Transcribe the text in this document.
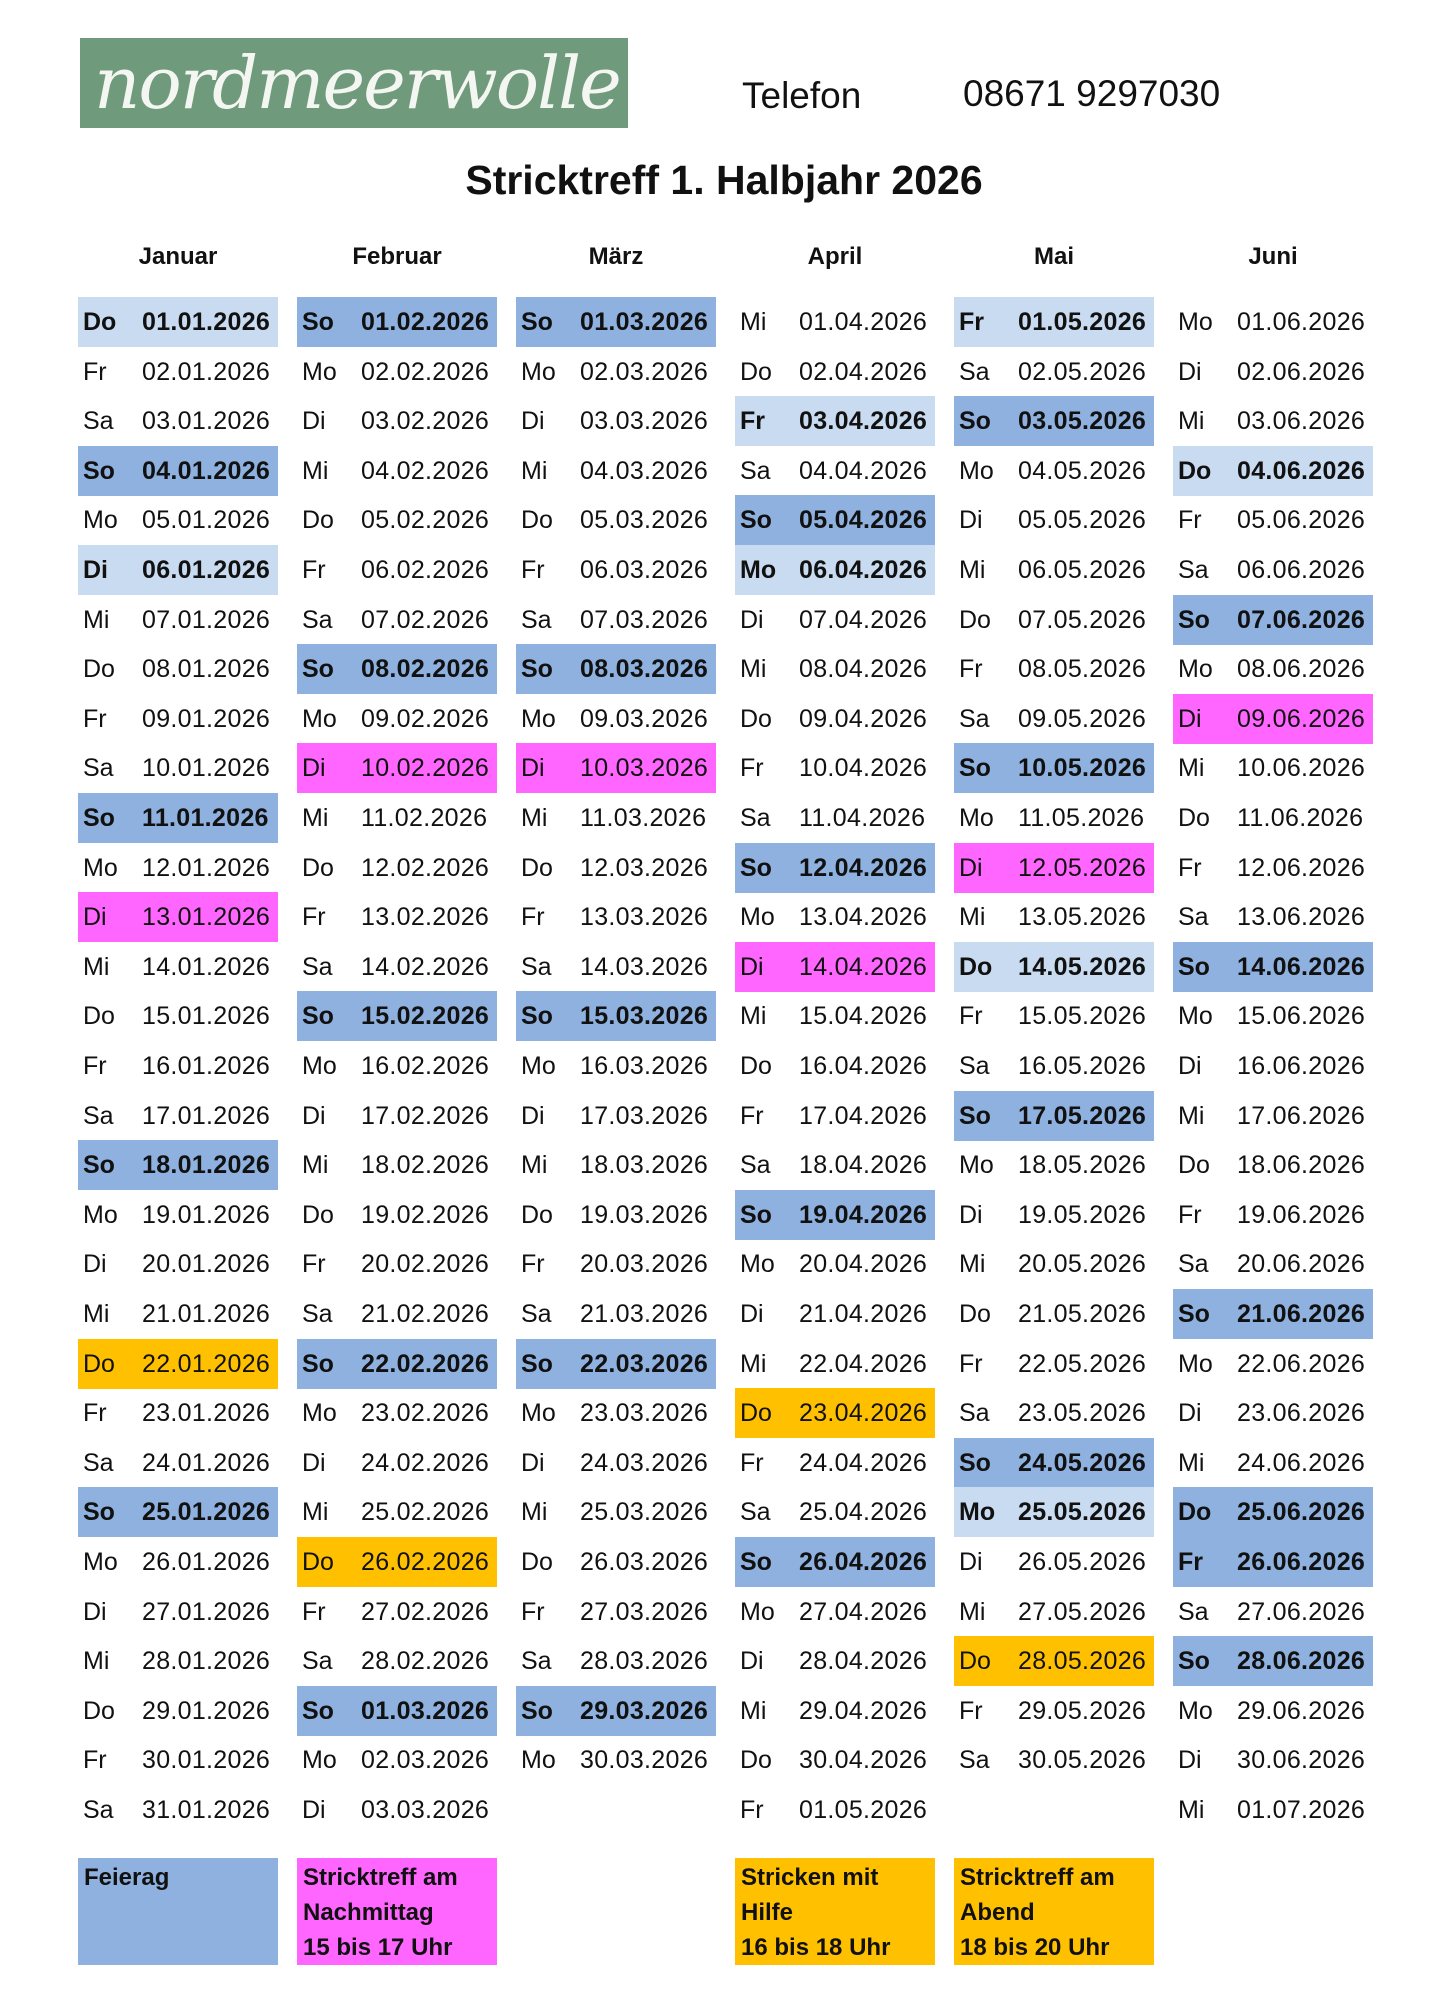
nordmeerwolle	Telefon	08671 9297030
Stricktreff 1. Halbjahr 2026
Januar
Do 01.01.2026
Fr 02.01.2026
Sa 03.01.2026
So 04.01.2026
Mo 05.01.2026
Di 06.01.2026
Mi 07.01.2026
Do 08.01.2026
Fr 09.01.2026
Sa 10.01.2026
So 11.01.2026
Mo 12.01.2026
Di 13.01.2026
Mi 14.01.2026
Do 15.01.2026
Fr 16.01.2026
Sa 17.01.2026
So 18.01.2026
Mo 19.01.2026
Di 20.01.2026
Mi 21.01.2026
Do 22.01.2026
Fr 23.01.2026
Sa 24.01.2026
So 25.01.2026
Mo 26.01.2026
Di 27.01.2026
Mi 28.01.2026
Do 29.01.2026
Fr 30.01.2026
Sa 31.01.2026
Februar
So 01.02.2026
Mo 02.02.2026
Di 03.02.2026
Mi 04.02.2026
Do 05.02.2026
Fr 06.02.2026
Sa 07.02.2026
So 08.02.2026
Mo 09.02.2026
Di 10.02.2026
Mi 11.02.2026
Do 12.02.2026
Fr 13.02.2026
Sa 14.02.2026
So 15.02.2026
Mo 16.02.2026
Di 17.02.2026
Mi 18.02.2026
Do 19.02.2026
Fr 20.02.2026
Sa 21.02.2026
So 22.02.2026
Mo 23.02.2026
Di 24.02.2026
Mi 25.02.2026
Do 26.02.2026
Fr 27.02.2026
Sa 28.02.2026
So 01.03.2026
Mo 02.03.2026
Di 03.03.2026
März
So 01.03.2026
Mo 02.03.2026
Di 03.03.2026
Mi 04.03.2026
Do 05.03.2026
Fr 06.03.2026
Sa 07.03.2026
So 08.03.2026
Mo 09.03.2026
Di 10.03.2026
Mi 11.03.2026
Do 12.03.2026
Fr 13.03.2026
Sa 14.03.2026
So 15.03.2026
Mo 16.03.2026
Di 17.03.2026
Mi 18.03.2026
Do 19.03.2026
Fr 20.03.2026
Sa 21.03.2026
So 22.03.2026
Mo 23.03.2026
Di 24.03.2026
Mi 25.03.2026
Do 26.03.2026
Fr 27.03.2026
Sa 28.03.2026
So 29.03.2026
Mo 30.03.2026
April
Mi 01.04.2026
Do 02.04.2026
Fr 03.04.2026
Sa 04.04.2026
So 05.04.2026
Mo 06.04.2026
Di 07.04.2026
Mi 08.04.2026
Do 09.04.2026
Fr 10.04.2026
Sa 11.04.2026
So 12.04.2026
Mo 13.04.2026
Di 14.04.2026
Mi 15.04.2026
Do 16.04.2026
Fr 17.04.2026
Sa 18.04.2026
So 19.04.2026
Mo 20.04.2026
Di 21.04.2026
Mi 22.04.2026
Do 23.04.2026
Fr 24.04.2026
Sa 25.04.2026
So 26.04.2026
Mo 27.04.2026
Di 28.04.2026
Mi 29.04.2026
Do 30.04.2026
Fr 01.05.2026
Mai
Fr 01.05.2026
Sa 02.05.2026
So 03.05.2026
Mo 04.05.2026
Di 05.05.2026
Mi 06.05.2026
Do 07.05.2026
Fr 08.05.2026
Sa 09.05.2026
So 10.05.2026
Mo 11.05.2026
Di 12.05.2026
Mi 13.05.2026
Do 14.05.2026
Fr 15.05.2026
Sa 16.05.2026
So 17.05.2026
Mo 18.05.2026
Di 19.05.2026
Mi 20.05.2026
Do 21.05.2026
Fr 22.05.2026
Sa 23.05.2026
So 24.05.2026
Mo 25.05.2026
Di 26.05.2026
Mi 27.05.2026
Do 28.05.2026
Fr 29.05.2026
Sa 30.05.2026
Juni
Mo 01.06.2026
Di 02.06.2026
Mi 03.06.2026
Do 04.06.2026
Fr 05.06.2026
Sa 06.06.2026
So 07.06.2026
Mo 08.06.2026
Di 09.06.2026
Mi 10.06.2026
Do 11.06.2026
Fr 12.06.2026
Sa 13.06.2026
So 14.06.2026
Mo 15.06.2026
Di 16.06.2026
Mi 17.06.2026
Do 18.06.2026
Fr 19.06.2026
Sa 20.06.2026
So 21.06.2026
Mo 22.06.2026
Di 23.06.2026
Mi 24.06.2026
Do 25.06.2026
Fr 26.06.2026
Sa 27.06.2026
So 28.06.2026
Mo 29.06.2026
Di 30.06.2026
Mi 01.07.2026
Feierag	Stricktreff am
Nachmittag
15 bis 17 Uhr
Stricken mit
Hilfe
16 bis 18 Uhr
Stricktreff am
Abend
18 bis 20 Uhr
